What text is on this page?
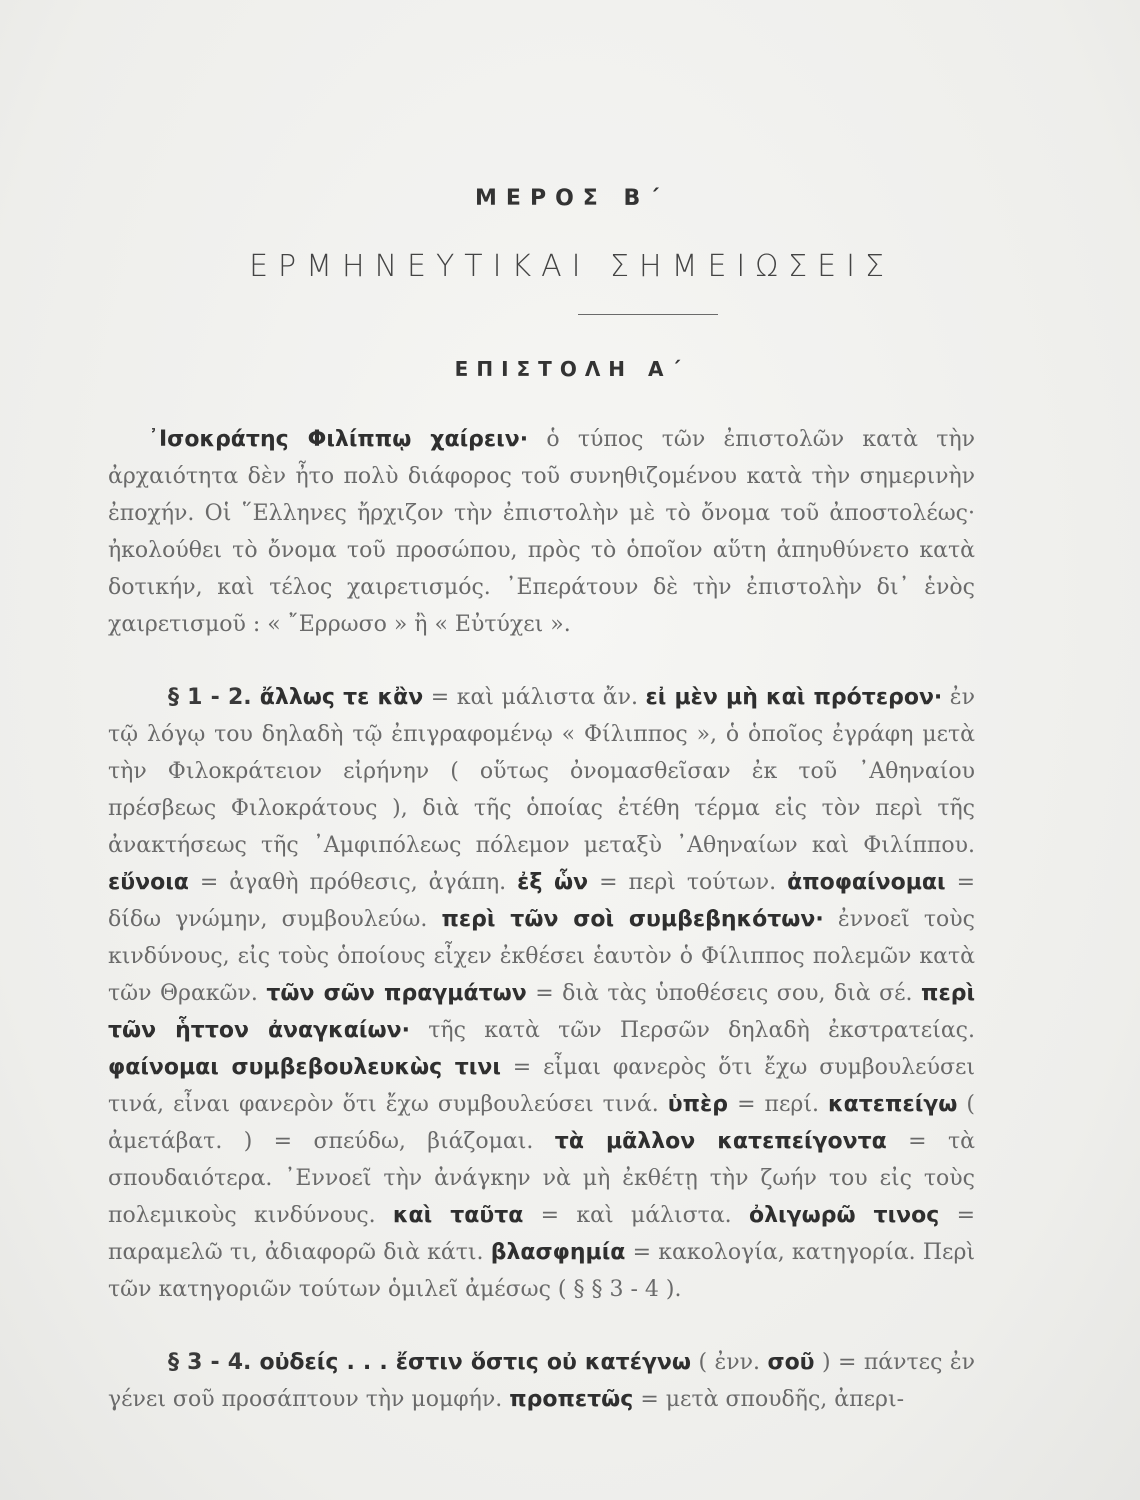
ΜΕΡΟΣ Β΄
ΕΡΜΗΝΕΥΤΙΚΑΙ ΣΗΜΕΙΩΣΕΙΣ
ΕΠΙΣΤΟΛΗ Α΄

᾽Ισοκράτης Φιλίππῳ χαίρειν· ὁ τύπος τῶν ἐπιστολῶν κατὰ τὴν ἀρχαιότητα δὲν ἦτο πολὺ διάφορος τοῦ συνηθιζομένου κατὰ τὴν σημερινὴν ἐποχήν. Οἱ ῞Ελληνες ἤρχιζον τὴν ἐπιστολὴν μὲ τὸ ὄνομα τοῦ ἀποστολέως· ἠκολούθει τὸ ὄνομα τοῦ προσώπου, πρὸς τὸ ὁποῖον αὕτη ἀπηυθύνετο κατὰ δοτικήν, καὶ τέλος χαιρετισμός. ᾽Επεράτουν δὲ τὴν ἐπιστολὴν δι᾽ ἑνὸς χαιρετισμοῦ : « ῎Ερρωσο » ἢ « Εὐτύχει ».

§ 1 - 2. ἄλλως τε κἂν = καὶ μάλιστα ἄν. εἰ μὲν μὴ καὶ πρότερον· ἐν τῷ λόγῳ του δηλαδὴ τῷ ἐπιγραφομένῳ « Φίλιππος », ὁ ὁποῖος ἐγράφη μετὰ τὴν Φιλοκράτειον εἰρήνην ( οὕτως ὀνομασθεῖσαν ἐκ τοῦ ᾽Αθηναίου πρέσβεως Φιλοκράτους ), διὰ τῆς ὁποίας ἐτέθη τέρμα εἰς τὸν περὶ τῆς ἀνακτήσεως τῆς ᾽Αμφιπόλεως πόλεμον μεταξὺ ᾽Αθηναίων καὶ Φιλίππου. εὔνοια = ἀγαθὴ πρόθεσις, ἀγάπη. ἐξ ὧν = περὶ τούτων. ἀποφαίνομαι = δίδω γνώμην, συμβουλεύω. περὶ τῶν σοὶ συμβεβηκότων· ἐννοεῖ τοὺς κινδύνους, εἰς τοὺς ὁποίους εἶχεν ἐκθέσει ἑαυτὸν ὁ Φίλιππος πολεμῶν κατὰ τῶν Θρακῶν. τῶν σῶν πραγμάτων = διὰ τὰς ὑποθέσεις σου, διὰ σέ. περὶ τῶν ἧττον ἀναγκαίων· τῆς κατὰ τῶν Περσῶν δηλαδὴ ἐκστρατείας. φαίνομαι συμβεβουλευκὼς τινι = εἶμαι φανερὸς ὅτι ἔχω συμβουλεύσει τινά, εἶναι φανερὸν ὅτι ἔχω συμβουλεύσει τινά. ὑπὲρ = περί. κατεπείγω ( ἀμετάβατ. ) = σπεύδω, βιάζομαι. τὰ μᾶλλον κατεπείγοντα = τὰ σπουδαιότερα. ᾽Εννοεῖ τὴν ἀνάγκην νὰ μὴ ἐκθέτῃ τὴν ζωήν του εἰς τοὺς πολεμικοὺς κινδύνους. καὶ ταῦτα = καὶ μάλιστα. ὀλιγωρῶ τινος = παραμελῶ τι, ἀδιαφορῶ διὰ κάτι. βλασφημία = κακολογία, κατηγορία. Περὶ τῶν κατηγοριῶν τούτων ὁμιλεῖ ἀμέσως ( § § 3 - 4 ).

§ 3 - 4. οὐδείς . . . ἔστιν ὅστις οὐ κατέγνω ( ἐνν. σοῦ ) = πάντες ἐν γένει σοῦ προσάπτουν τὴν μομφήν. προπετῶς = μετὰ σπουδῆς, ἀπερι-
